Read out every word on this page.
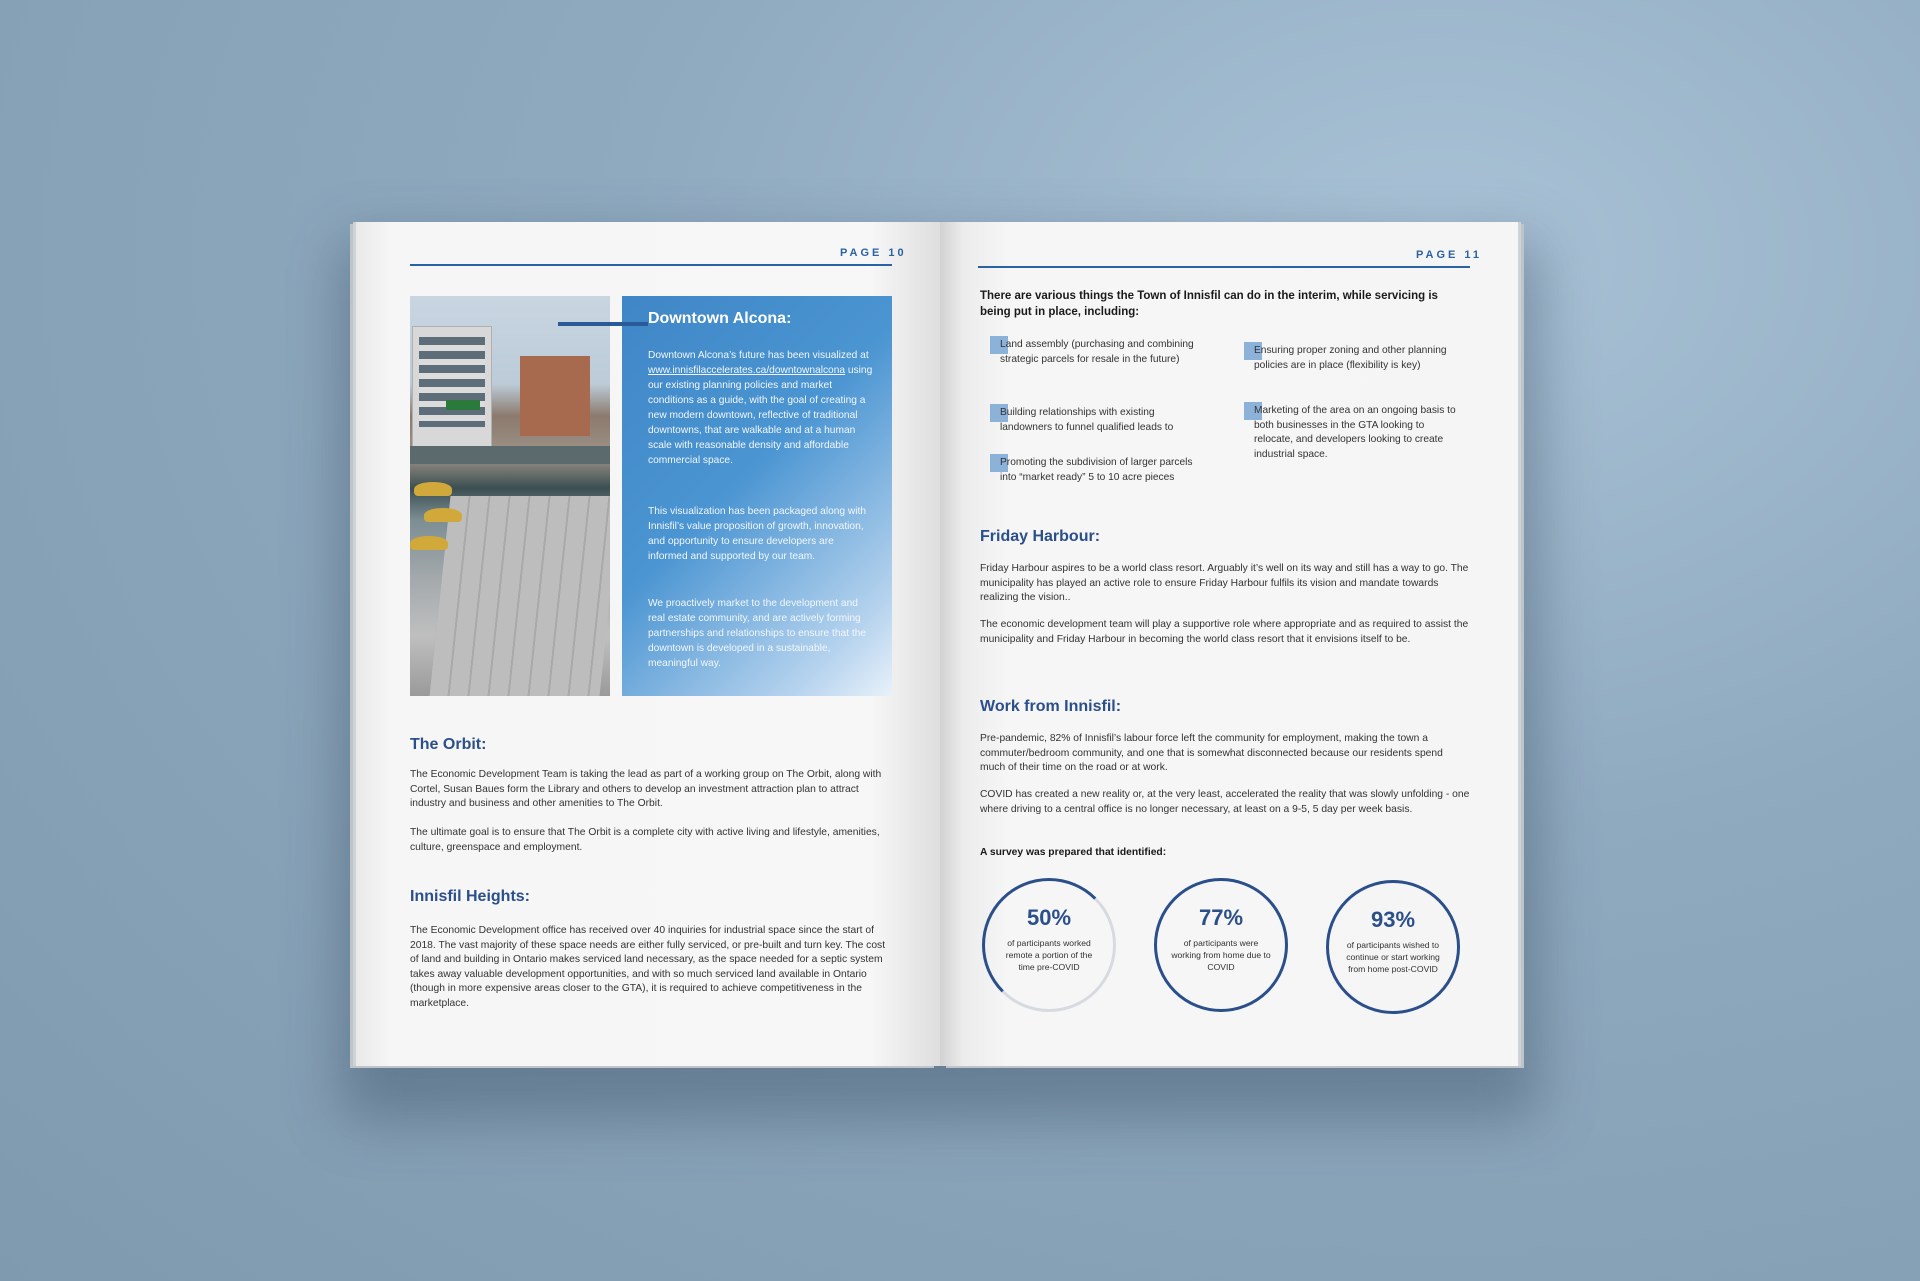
PAGE 10
Downtown Alcona:

Downtown Alcona’s future has been visualized at www.innisfilaccelerates.ca/downtownalcona using our existing planning policies and market conditions as a guide, with the goal of creating a new modern downtown, reflective of traditional downtowns, that are walkable and at a human scale with reasonable density and affordable commercial space.

This visualization has been packaged along with Innisfil’s value proposition of growth, innovation, and opportunity to ensure developers are informed and supported by our team.

We proactively market to the development and real estate community, and are actively forming partnerships and relationships to ensure that the downtown is developed in a sustainable, meaningful way.

The Orbit:

The Economic Development Team is taking the lead as part of a working group on The Orbit, along with Cortel, Susan Baues form the Library and others to develop an investment attraction plan to attract industry and business and other amenities to The Orbit.

The ultimate goal is to ensure that The Orbit is a complete city with active living and lifestyle, amenities, culture, greenspace and employment.

Innisfil Heights:

The Economic Development office has received over 40 inquiries for industrial space since the start of 2018. The vast majority of these space needs are either fully serviced, or pre-built and turn key. The cost of land and building in Ontario makes serviced land necessary, as the space needed for a septic system takes away valuable development opportunities, and with so much serviced land available in Ontario (though in more expensive areas closer to the GTA), it is required to achieve competitiveness in the marketplace.

PAGE 11

There are various things the Town of Innisfil can do in the interim, while servicing is being put in place, including:

Land assembly (purchasing and combining strategic parcels for resale in the future)

Building relationships with existing landowners to funnel qualified leads to

Promoting the subdivision of larger parcels into “market ready” 5 to 10 acre pieces

Ensuring proper zoning and other planning policies are in place (flexibility is key)

Marketing of the area on an ongoing basis to both businesses in the GTA looking to relocate, and developers looking to create industrial space.

Friday Harbour:

Friday Harbour aspires to be a world class resort. Arguably it’s well on its way and still has a way to go. The municipality has played an active role to ensure Friday Harbour fulfils its vision and mandate towards realizing the vision..

The economic development team will play a supportive role where appropriate and as required to assist the municipality and Friday Harbour in becoming the world class resort that it envisions itself to be.

Work from Innisfil:

Pre-pandemic, 82% of Innisfil’s labour force left the community for employment, making the town a commuter/bedroom community, and one that is somewhat disconnected because our residents spend much of their time on the road or at work.

COVID has created a new reality or, at the very least, accelerated the reality that was slowly unfolding - one where driving to a central office is no longer necessary, at least on a 9-5, 5 day per week basis.

A survey was prepared that identified:

50%
of participants worked remote a portion of the time pre-COVID
77%
of participants were working from home due to COVID
93%
of participants wished to continue or start working from home post-COVID
